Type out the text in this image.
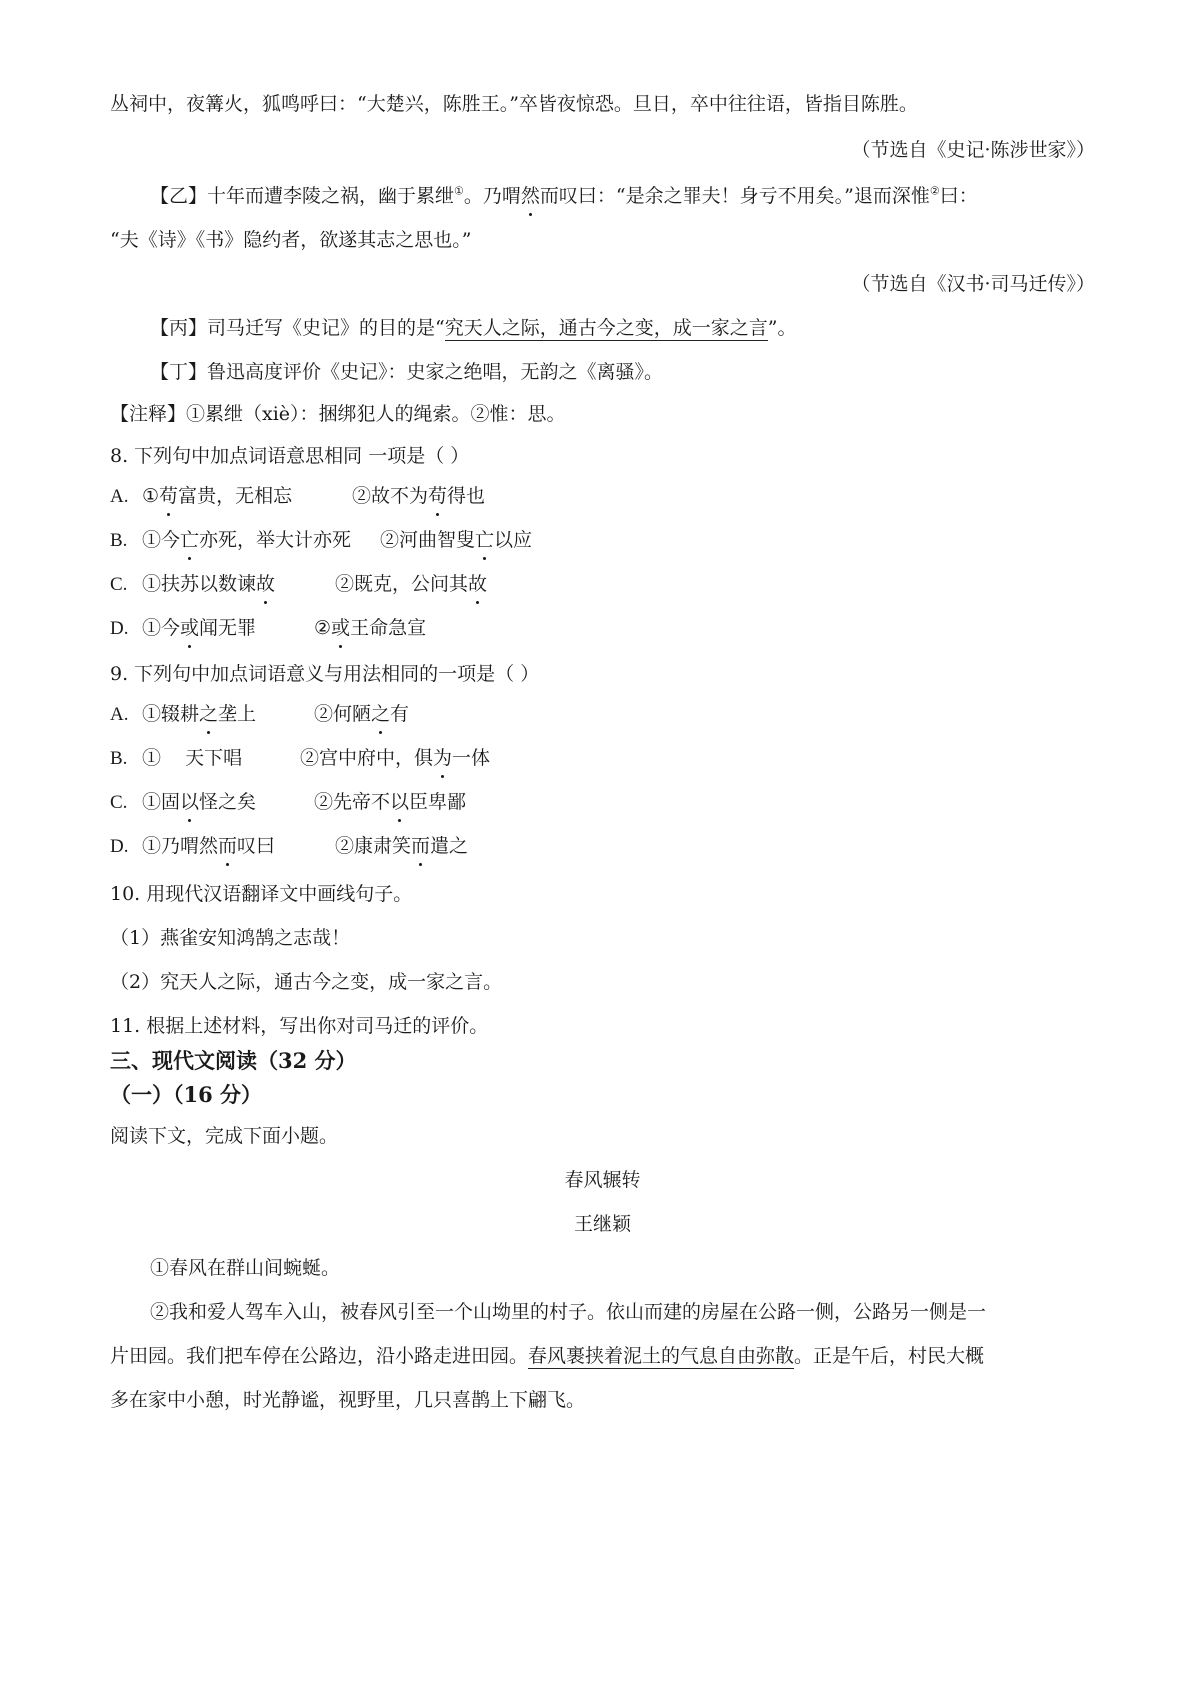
丛祠中，夜篝火，狐鸣呼曰：“大楚兴，陈胜王。”卒皆夜惊恐。旦日，卒中往往语，皆指目陈胜。
（节选自《史记·陈涉世家》）
【乙】十年而遭李陵之祸，幽于累绁①。乃喟然而叹曰：“是余之罪夫！身亏不用矣。”退而深惟②曰：
“夫《诗》《书》隐约者，欲遂其志之思也。”
（节选自《汉书·司马迁传》）
【丙】司马迁写《史记》的目的是“究天人之际，通古今之变，成一家之言”。
【丁】鲁迅高度评价《史记》：史家之绝唱，无韵之《离骚》。
【注释】①累绁（xiè）：捆绑犯人的绳索。②惟：思。
8. 下列句中加点词语意思相同 一项是（ ）
A. ①苟富贵，无相忘	②故不为苟得也
B. ①今亡亦死，举大计亦死 ②河曲智叟亡以应
C. ①扶苏以数谏故	②既克，公问其故
D. ①今或闻无罪	②或王命急宣
9. 下列句中加点词语意义与用法相同的一项是（ ）
A. ①辍耕之垄上	②何陋之有
B. ①    天下唱	②宫中府中，俱为一体
C. ①固以怪之矣	②先帝不以臣卑鄙
D. ①乃喟然而叹曰	②康肃笑而遣之
10. 用现代汉语翻译文中画线句子。
（1）燕雀安知鸿鹄之志哉！
（2）究天人之际，通古今之变，成一家之言。
11. 根据上述材料，写出你对司马迁的评价。
三、现代文阅读（32 分）
（一）（16 分）
阅读下文，完成下面小题。
春风辗转
王继颖
①春风在群山间蜿蜒。
②我和爱人驾车入山，被春风引至一个山坳里的村子。依山而建的房屋在公路一侧，公路另一侧是一
片田园。我们把车停在公路边，沿小路走进田园。春风裹挟着泥土的气息自由弥散。正是午后，村民大概
多在家中小憩，时光静谧，视野里，几只喜鹊上下翩飞。
